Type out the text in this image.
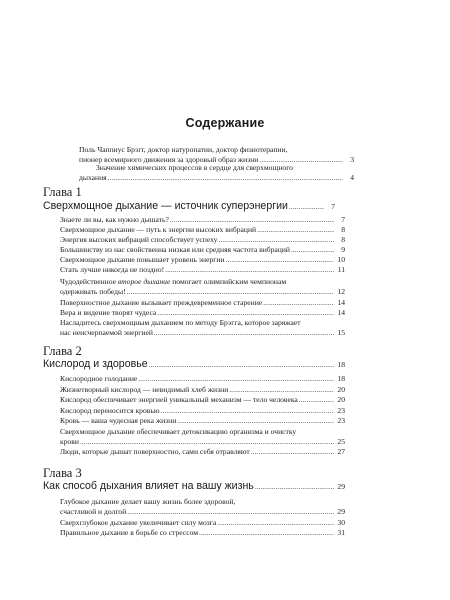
Содержание
Поль Чаппиус Брэгг, доктор натуропатии, доктор физиотерапии,
пионер всемирного движения за здоровый образ жизни .....	3
Значение химических процессов в сердце для сверхмощного
дыхания .....	4
Глава 1
Сверхмощное дыхание — источник суперэнергии .....	7
Знаете ли вы, как нужно дышать? .....	7
Сверхмощное дыхание — путь к энергии высоких вибраций .....	8
Энергия высоких вибраций способствует успеху .....	8
Большинству из нас свойственна низкая или средняя частота вибраций .....	9
Сверхмощное дыхание повышает уровень энергии .....	10
Стать лучше никогда не поздно! .....	11
Чудодейственное второе дыхание помогает олимпийским чемпионам
одерживать победы! .....	12
Поверхностное дыхание вызывает преждевременное старение .....	14
Вера и видение творят чудеса .....	14
Насладитесь сверхмощным дыханием по методу Брэгга, которое заряжает
нас неисчерпаемой энергией .....	15
Глава 2
Кислород и здоровье .....	18
Кислородное голодание .....	18
Жизнетворный кислород — невидимый хлеб жизни .....	20
Кислород обеспечивает энергией уникальный механизм — тело человека .....	20
Кислород переносится кровью .....	23
Кровь — ваша чудесная река жизни .....	23
Сверхмощное дыхание обеспечивает детоксикацию организма и очистку
крови .....	25
Люди, которые дышат поверхностно, сами себя отравляют .....	27
Глава 3
Как способ дыхания влияет на вашу жизнь .....	29
Глубокое дыхание делает вашу жизнь более здоровой,
счастливой и долгой .....	29
Сверхглубокое дыхание увеличивает силу мозга .....	30
Правильное дыхание в борьбе со стрессом .....	31
